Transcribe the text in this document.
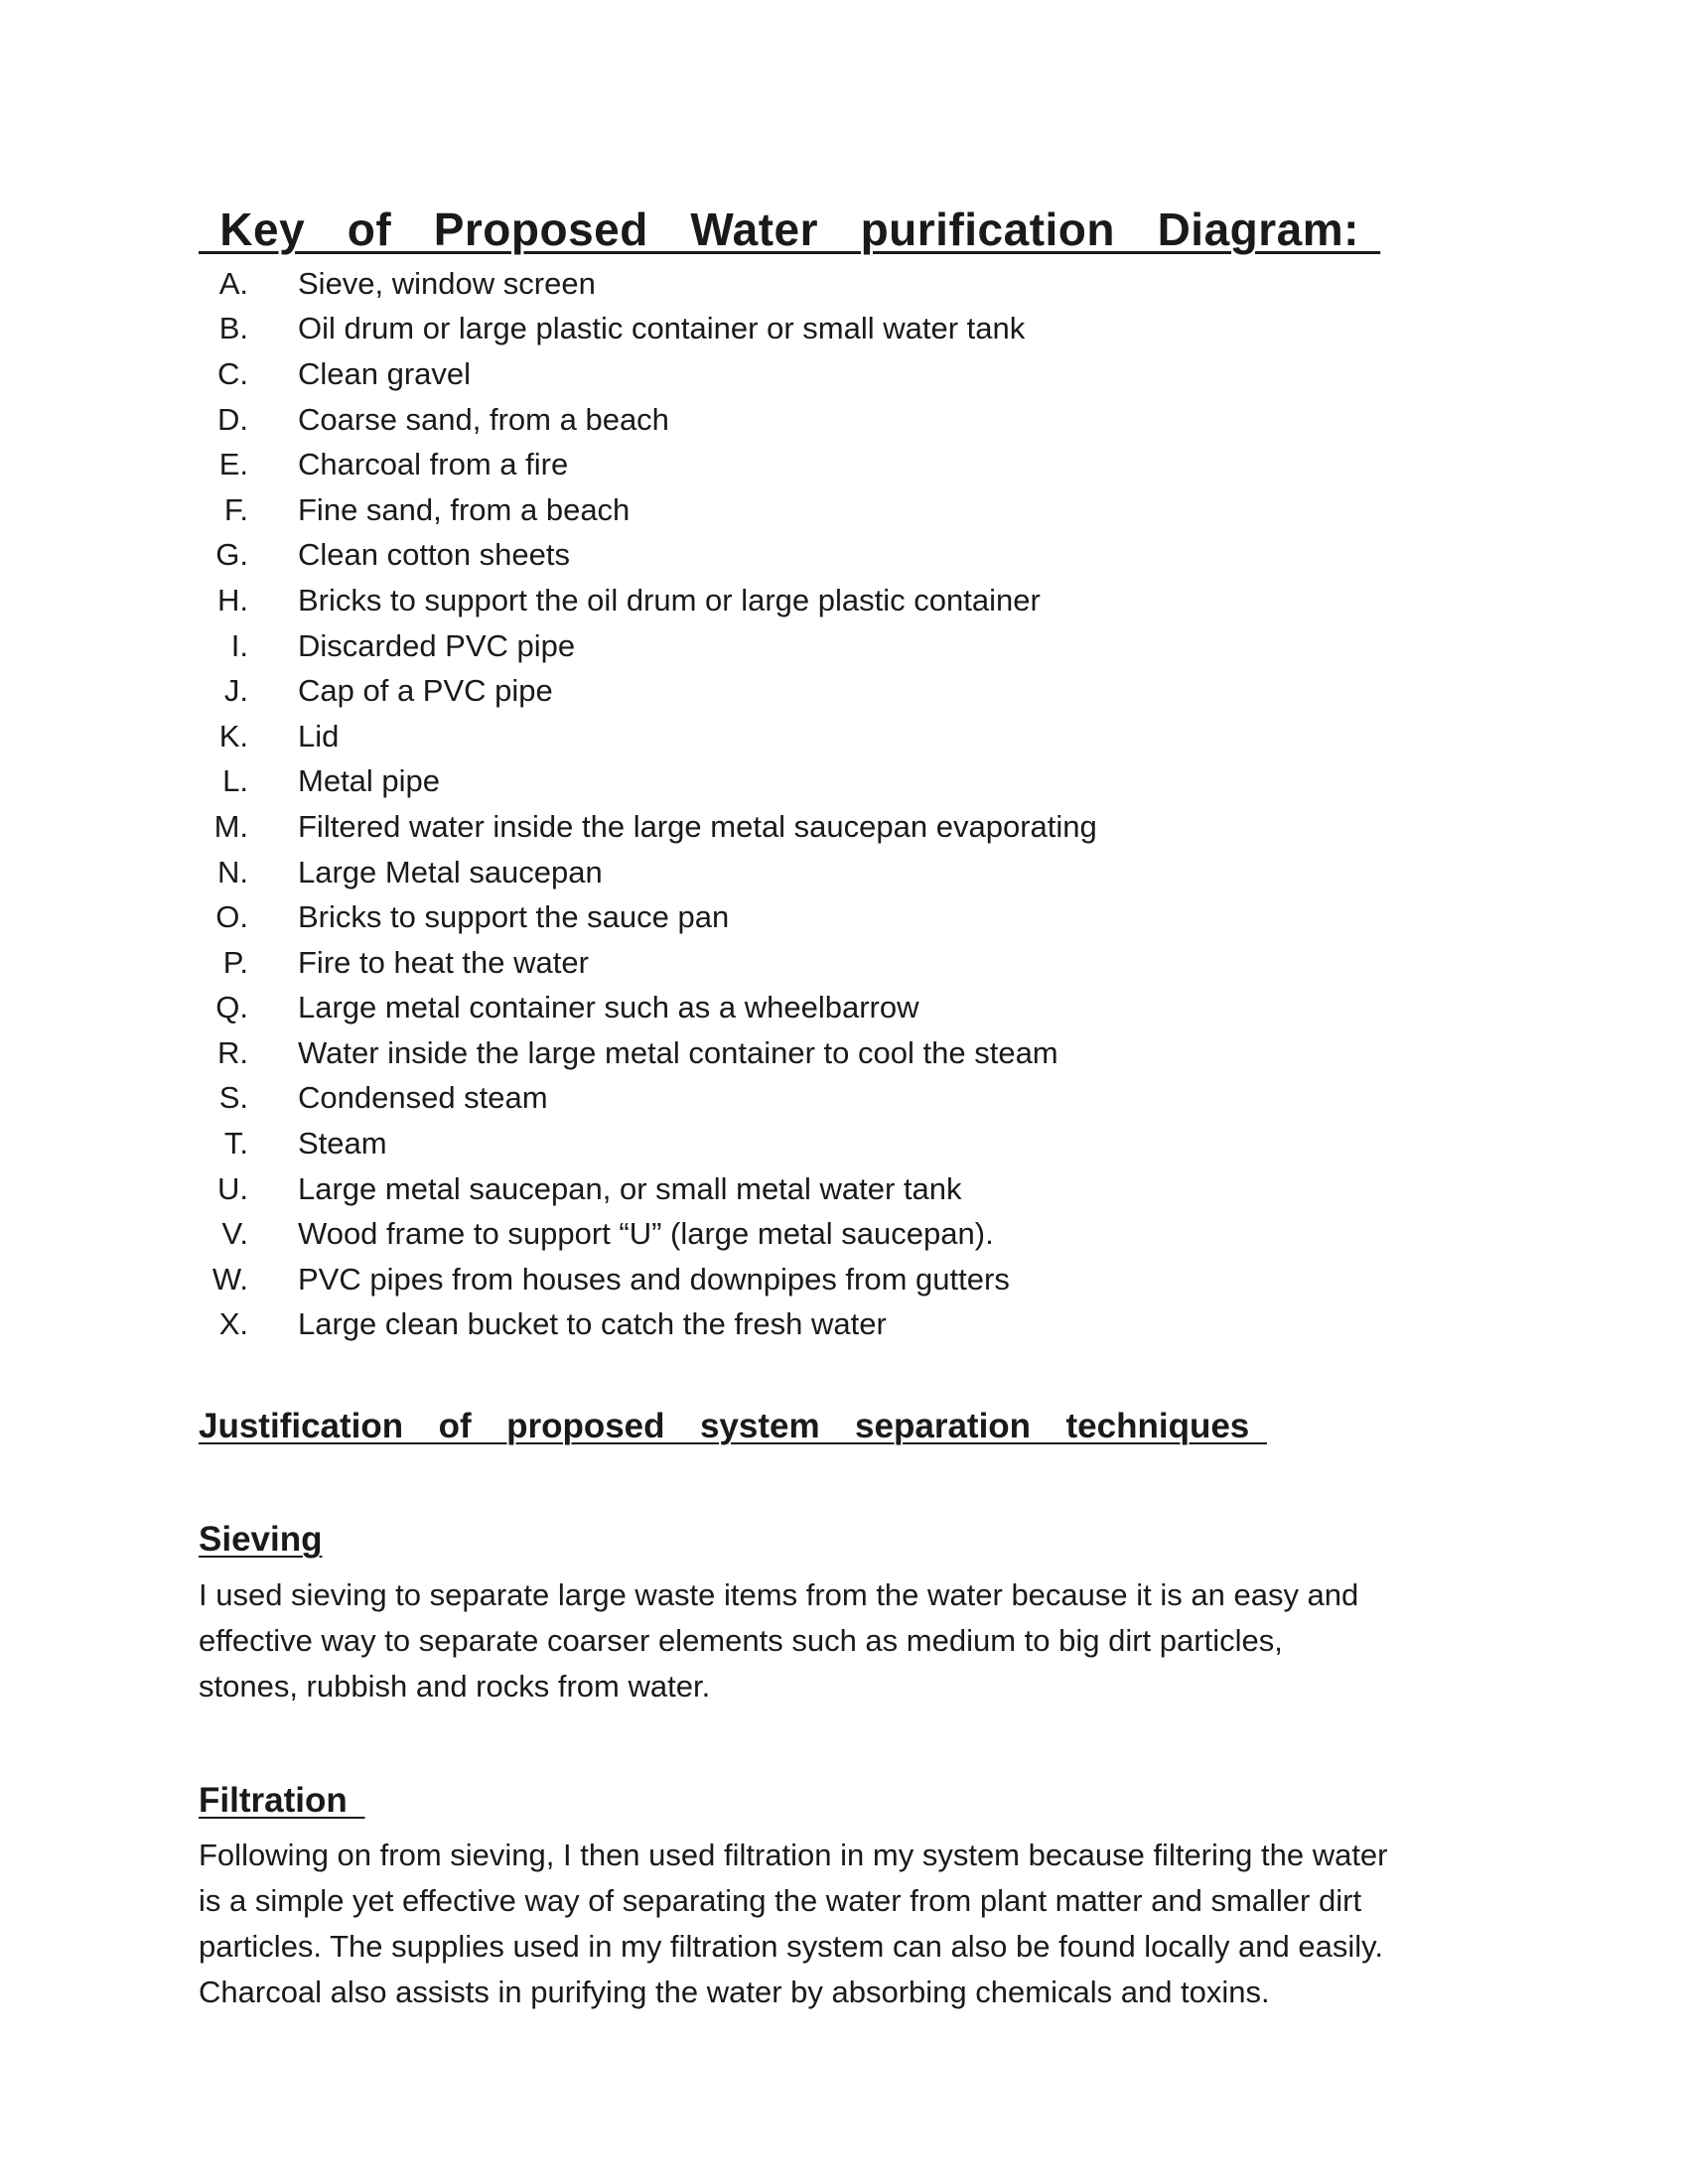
Key  of  Proposed  Water  purification  Diagram:
A.	Sieve, window screen
B.	Oil drum or large plastic container or small water tank
C.	Clean gravel
D.	Coarse sand, from a beach
E.	Charcoal from a fire
F.	Fine sand, from a beach
G.	Clean cotton sheets
H.	Bricks to support the oil drum or large plastic container
I.	Discarded PVC pipe
J.	Cap of a PVC pipe
K.	Lid
L.	Metal pipe
M.	Filtered water inside the large metal saucepan evaporating
N.	Large Metal saucepan
O.	Bricks to support the sauce pan
P.	Fire to heat the water
Q.	Large metal container such as a wheelbarrow
R.	Water inside the large metal container to cool the steam
S.	Condensed steam
T.	Steam
U.	Large metal saucepan, or small metal water tank
V.	Wood frame to support “U” (large metal saucepan).
W.	PVC pipes from houses and downpipes from gutters
X.	Large clean bucket to catch the fresh water
Justification  of  proposed  system  separation  techniques
Sieving

I used sieving to separate large waste items from the water because it is an easy and
effective way to separate coarser elements such as medium to big dirt particles,
stones, rubbish and rocks from water.

Filtration

Following on from sieving, I then used filtration in my system because filtering the water
is a simple yet effective way of separating the water from plant matter and smaller dirt
particles. The supplies used in my filtration system can also be found locally and easily.
Charcoal also assists in purifying the water by absorbing chemicals and toxins.
